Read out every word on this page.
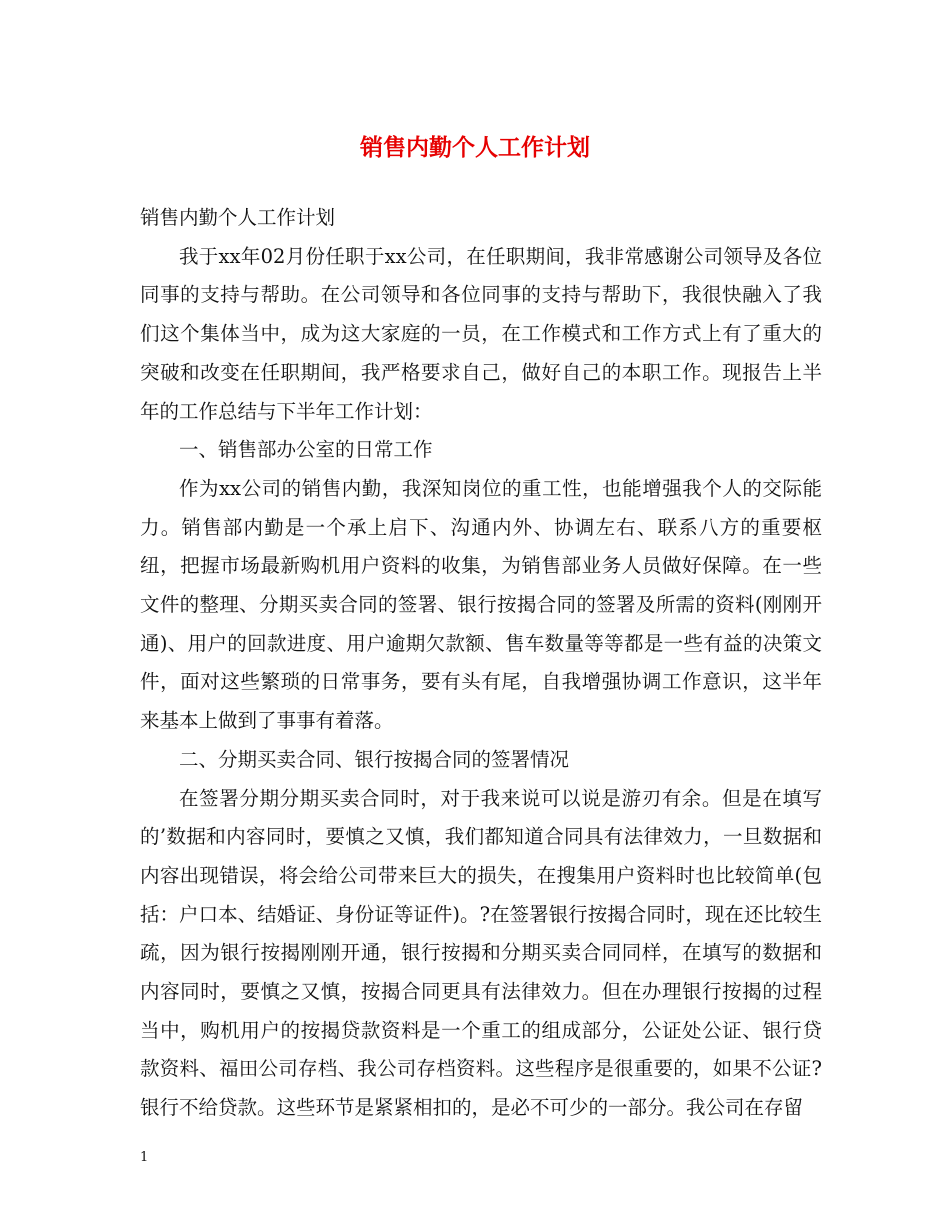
销售内勤个人工作计划

销售内勤个人工作计划

我于xx年02月份任职于xx公司，在任职期间，我非常感谢公司领导及各位同事的支持与帮助。在公司领导和各位同事的支持与帮助下，我很快融入了我们这个集体当中，成为这大家庭的一员，在工作模式和工作方式上有了重大的突破和改变在任职期间，我严格要求自己，做好自己的本职工作。现报告上半年的工作总结与下半年工作计划：

一、销售部办公室的日常工作

作为xx公司的销售内勤，我深知岗位的重工性，也能增强我个人的交际能力。销售部内勤是一个承上启下、沟通内外、协调左右、联系八方的重要枢纽，把握市场最新购机用户资料的收集，为销售部业务人员做好保障。在一些文件的整理、分期买卖合同的签署、银行按揭合同的签署及所需的资料(刚刚开通)、用户的回款进度、用户逾期欠款额、售车数量等等都是一些有益的决策文件，面对这些繁琐的日常事务，要有头有尾，自我增强协调工作意识，这半年来基本上做到了事事有着落。

二、分期买卖合同、银行按揭合同的签署情况

在签署分期分期买卖合同时，对于我来说可以说是游刃有余。但是在填写的’数据和内容同时，要慎之又慎，我们都知道合同具有法律效力，一旦数据和内容出现错误，将会给公司带来巨大的损失，在搜集用户资料时也比较简单(包括：户口本、结婚证、身份证等证件)。?在签署银行按揭合同时，现在还比较生疏，因为银行按揭刚刚开通，银行按揭和分期买卖合同同样，在填写的数据和内容同时，要慎之又慎，按揭合同更具有法律效力。但在办理银行按揭的过程当中，购机用户的按揭贷款资料是一个重工的组成部分，公证处公证、银行贷款资料、福田公司存档、我公司存档资料。这些程序是很重要的，如果不公证?银行不给贷款。这些环节是紧紧相扣的，是必不可少的一部分。我公司在存留

1
